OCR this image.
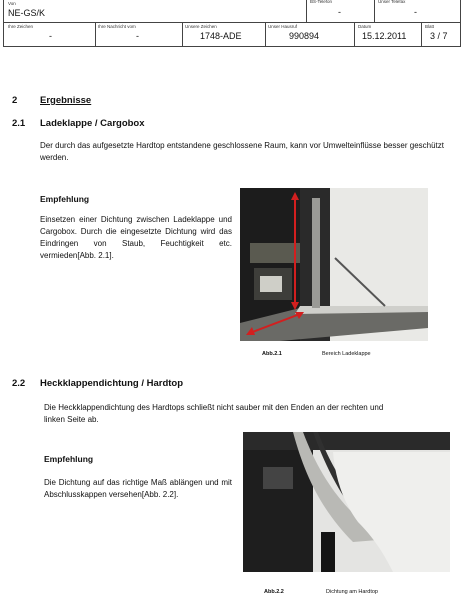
Von
NE-GS/K
BS-Telefon
-
Unser Telefax
-
Ihre Zeichen
-
Ihre Nachricht vom
-
Unsere Zeichen
1748-ADE
Unser Hausruf
990894
Datum
15.12.2011
Blatt
3 / 7
2 Ergebnisse
2.1 Ladeklappe / Cargobox
Der durch das aufgesetzte Hardtop entstandene geschlossene Raum, kann vor Umwelteinflüsse besser geschützt werden.
Empfehlung
Einsetzen einer Dichtung zwischen Ladeklappe und Cargobox. Durch die eingesetzte Dichtung wird das Eindringen von Staub, Feuchtigkeit etc. vermieden[Abb. 2.1].
Abb.2.1	Bereich Ladeklappe
2.2 Heckklappendichtung / Hardtop
Die Heckklappendichtung des Hardtops schließt nicht sauber mit den Enden an der rechten und linken Seite ab.
Empfehlung
Die Dichtung auf das richtige Maß ablängen und mit Abschlusskappen versehen[Abb. 2.2].
Abb.2.2	Dichtung am Hardtop
